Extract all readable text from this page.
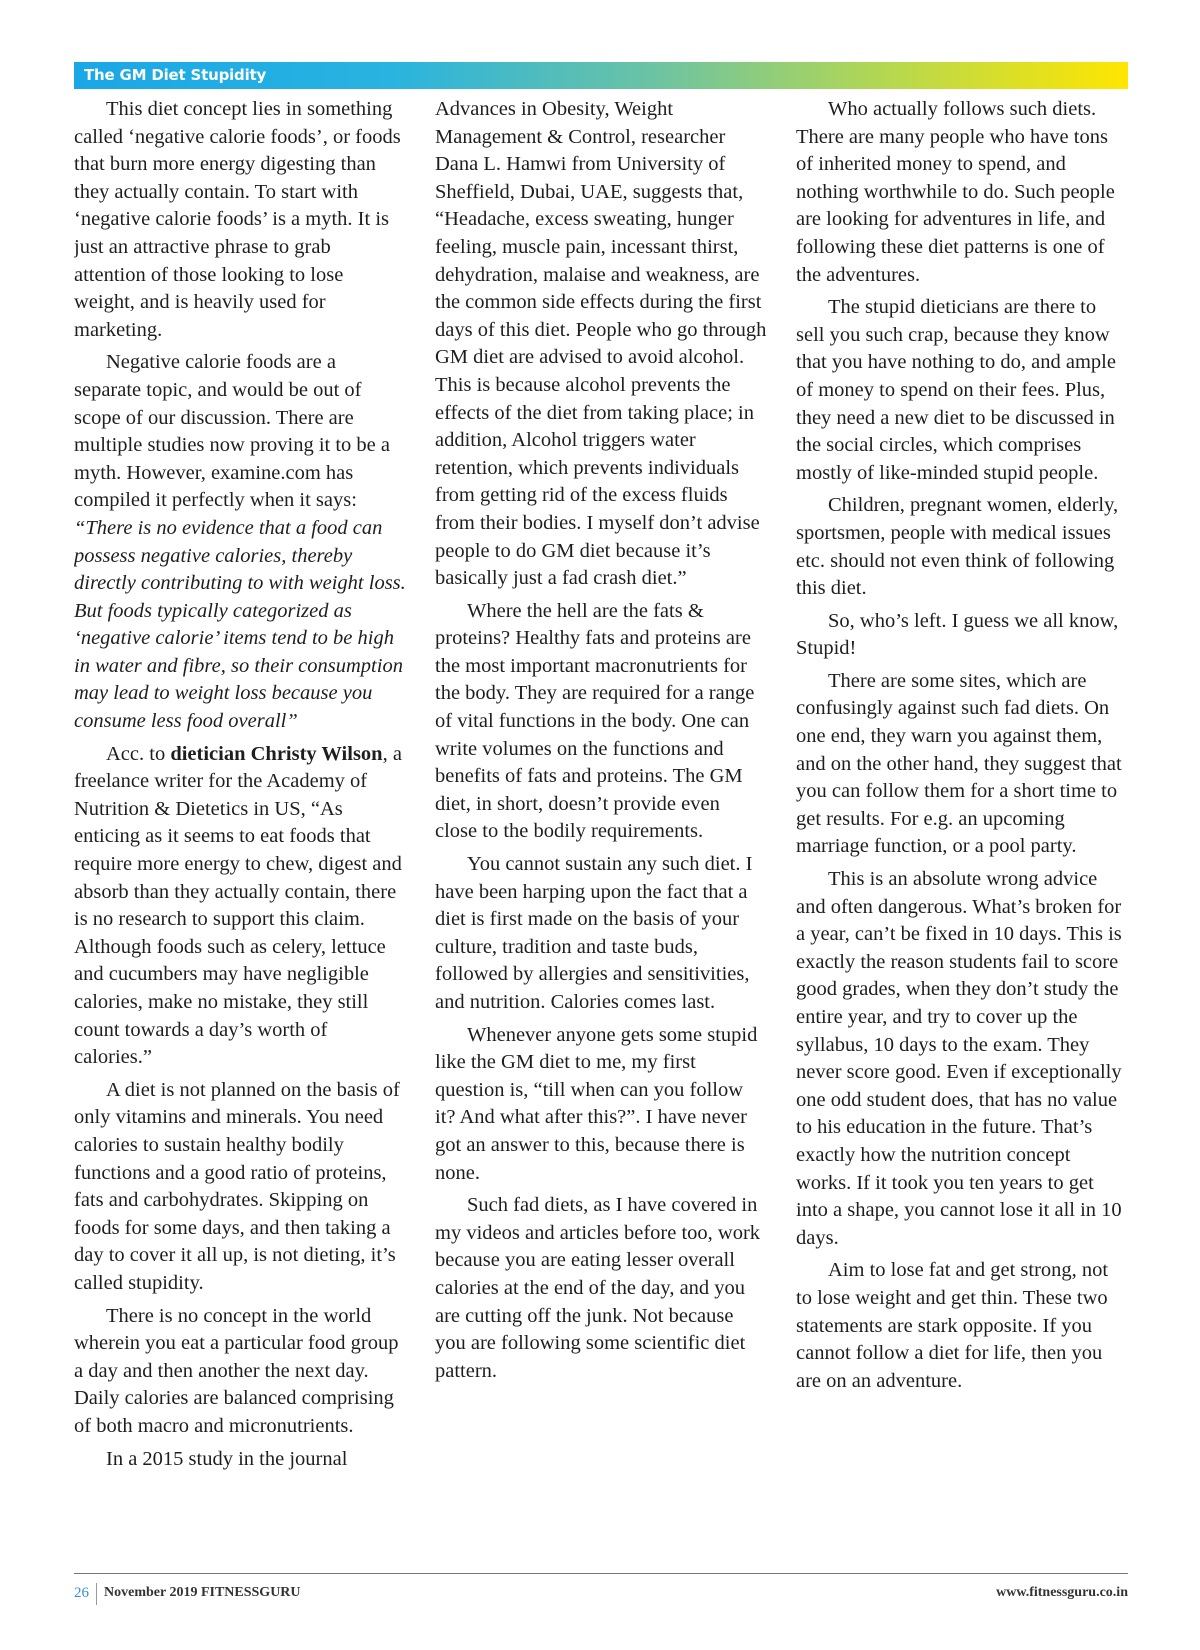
The GM Diet Stupidity

This diet concept lies in something called ‘negative calorie foods’, or foods that burn more energy digesting than they actually contain. To start with ‘negative calorie foods’ is a myth. It is just an attractive phrase to grab attention of those looking to lose weight, and is heavily used for marketing.

Negative calorie foods are a separate topic, and would be out of scope of our discussion. There are multiple studies now proving it to be a myth. However, examine.com has compiled it perfectly when it says: “There is no evidence that a food can possess negative calories, thereby directly contributing to with weight loss. But foods typically categorized as ‘negative calorie’ items tend to be high in water and fibre, so their consumption may lead to weight loss because you consume less food overall”

Acc. to dietician Christy Wilson, a freelance writer for the Academy of Nutrition & Dietetics in US, “As enticing as it seems to eat foods that require more energy to chew, digest and absorb than they actually contain, there is no research to support this claim. Although foods such as celery, lettuce and cucumbers may have negligible calories, make no mistake, they still count towards a day’s worth of calories.”

A diet is not planned on the basis of only vitamins and minerals. You need calories to sustain healthy bodily functions and a good ratio of proteins, fats and carbohydrates. Skipping on foods for some days, and then taking a day to cover it all up, is not dieting, it’s called stupidity.

There is no concept in the world wherein you eat a particular food group a day and then another the next day. Daily calories are balanced comprising of both macro and micronutrients.

In a 2015 study in the journal

Advances in Obesity, Weight Management & Control, researcher Dana L. Hamwi from University of Sheffield, Dubai, UAE, suggests that, “Headache, excess sweating, hunger feeling, muscle pain, incessant thirst, dehydration, malaise and weakness, are the common side effects during the first days of this diet. People who go through GM diet are advised to avoid alcohol. This is because alcohol prevents the effects of the diet from taking place; in addition, Alcohol triggers water retention, which prevents individuals from getting rid of the excess fluids from their bodies. I myself don’t advise people to do GM diet because it’s basically just a fad crash diet.”

Where the hell are the fats & proteins? Healthy fats and proteins are the most important macronutrients for the body. They are required for a range of vital functions in the body. One can write volumes on the functions and benefits of fats and proteins. The GM diet, in short, doesn’t provide even close to the bodily requirements.

You cannot sustain any such diet. I have been harping upon the fact that a diet is first made on the basis of your culture, tradition and taste buds, followed by allergies and sensitivities, and nutrition. Calories comes last.

Whenever anyone gets some stupid like the GM diet to me, my first question is, “till when can you follow it? And what after this?”. I have never got an answer to this, because there is none.

Such fad diets, as I have covered in my videos and articles before too, work because you are eating lesser overall calories at the end of the day, and you are cutting off the junk. Not because you are following some scientific diet pattern.

Who actually follows such diets. There are many people who have tons of inherited money to spend, and nothing worthwhile to do. Such people are looking for adventures in life, and following these diet patterns is one of the adventures.

The stupid dieticians are there to sell you such crap, because they know that you have nothing to do, and ample of money to spend on their fees. Plus, they need a new diet to be discussed in the social circles, which comprises mostly of like-minded stupid people.

Children, pregnant women, elderly, sportsmen, people with medical issues etc. should not even think of following this diet.

So, who’s left. I guess we all know, Stupid!

There are some sites, which are confusingly against such fad diets. On one end, they warn you against them, and on the other hand, they suggest that you can follow them for a short time to get results. For e.g. an upcoming marriage function, or a pool party.

This is an absolute wrong advice and often dangerous. What’s broken for a year, can’t be fixed in 10 days. This is exactly the reason students fail to score good grades, when they don’t study the entire year, and try to cover up the syllabus, 10 days to the exam. They never score good. Even if exceptionally one odd student does, that has no value to his education in the future. That’s exactly how the nutrition concept works. If it took you ten years to get into a shape, you cannot lose it all in 10 days.

Aim to lose fat and get strong, not to lose weight and get thin. These two statements are stark opposite. If you cannot follow a diet for life, then you are on an adventure.

26 November 2019 FITNESSGURU	www.fitnessguru.co.in
